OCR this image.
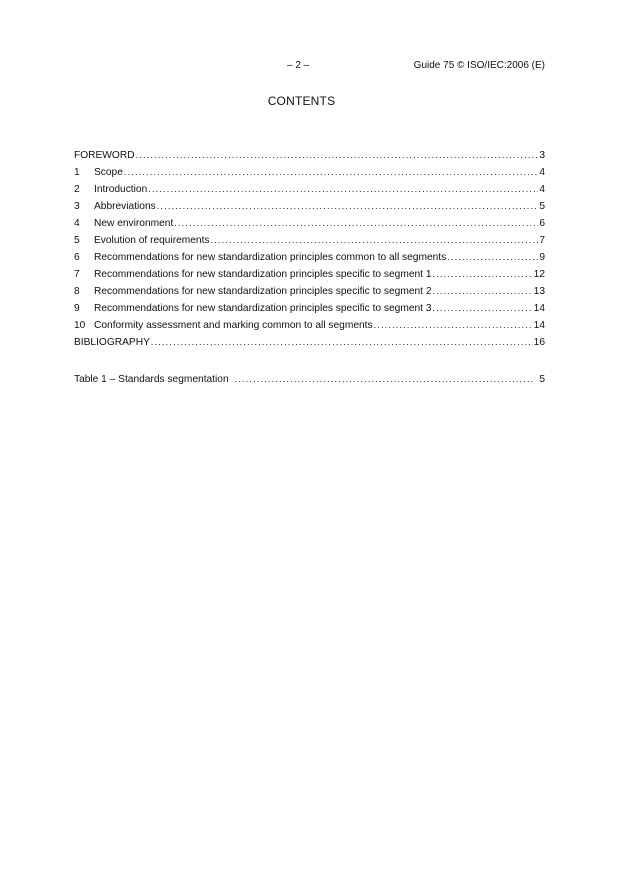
– 2 –	Guide 75 © ISO/IEC:2006 (E)
CONTENTS
FOREWORD .....	3
1	Scope .....	4
2	Introduction .....	4
3	Abbreviations .....	5
4	New environment .....	6
5	Evolution of requirements .....	7
6	Recommendations for new standardization principles common to all segments .....	9
7	Recommendations for new standardization principles specific to segment 1 .....	12
8	Recommendations for new standardization principles specific to segment 2 .....	13
9	Recommendations for new standardization principles specific to segment 3 .....	14
10 Conformity assessment and marking common to all segments .....	14
BIBLIOGRAPHY .....	16
Table 1 – Standards segmentation .....	5
